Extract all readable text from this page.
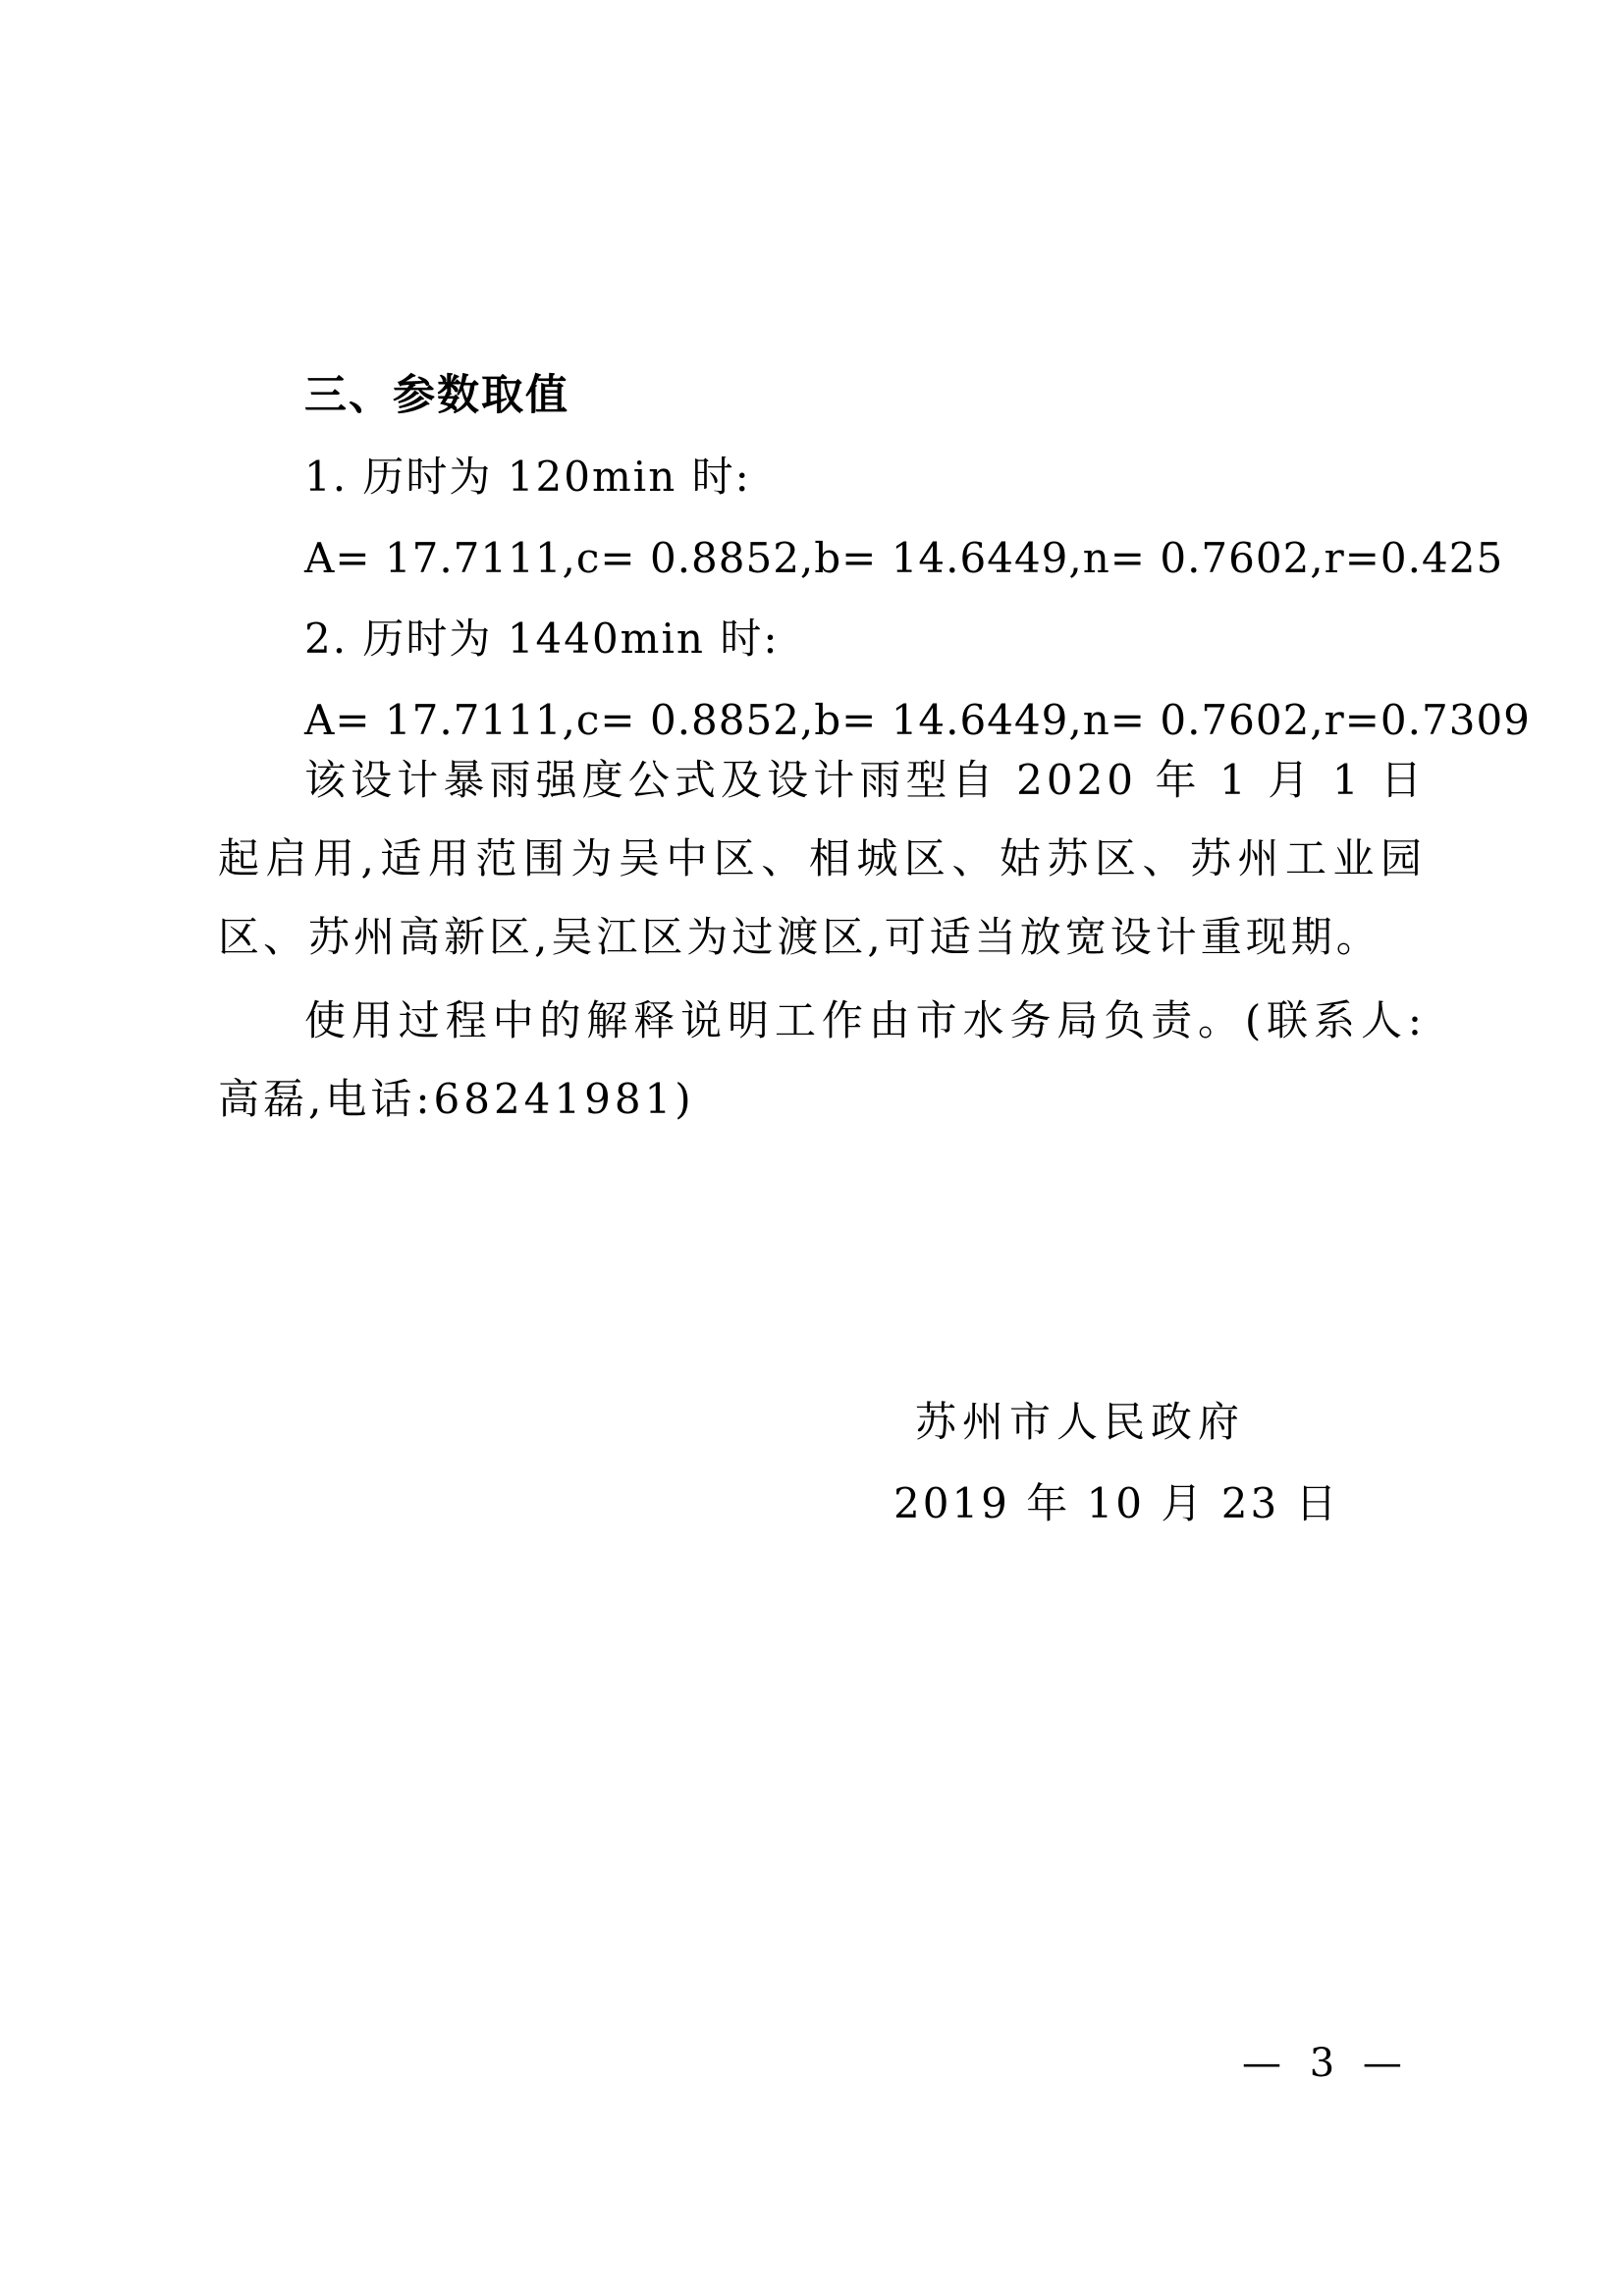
三、参数取值
1. 历时为 120min 时:
A= 17.7111, c= 0.8852, b= 14.6449, n= 0.7602, r=0.425
2. 历时为 1440min 时:
A= 17.7111, c= 0.8852, b= 14.6449, n= 0.7602, r=0.7309

该设计暴雨强度公式及设计雨型自 2020 年 1 月 1 日起启用,适用范围为吴中区、相城区、姑苏区、苏州工业园区、苏州高新区,吴江区为过渡区,可适当放宽设计重现期。

使用过程中的解释说明工作由市水务局负责。(联系人:高磊,电话:68241981)

苏州市人民政府
2019 年 10 月 23 日
— 3 —
